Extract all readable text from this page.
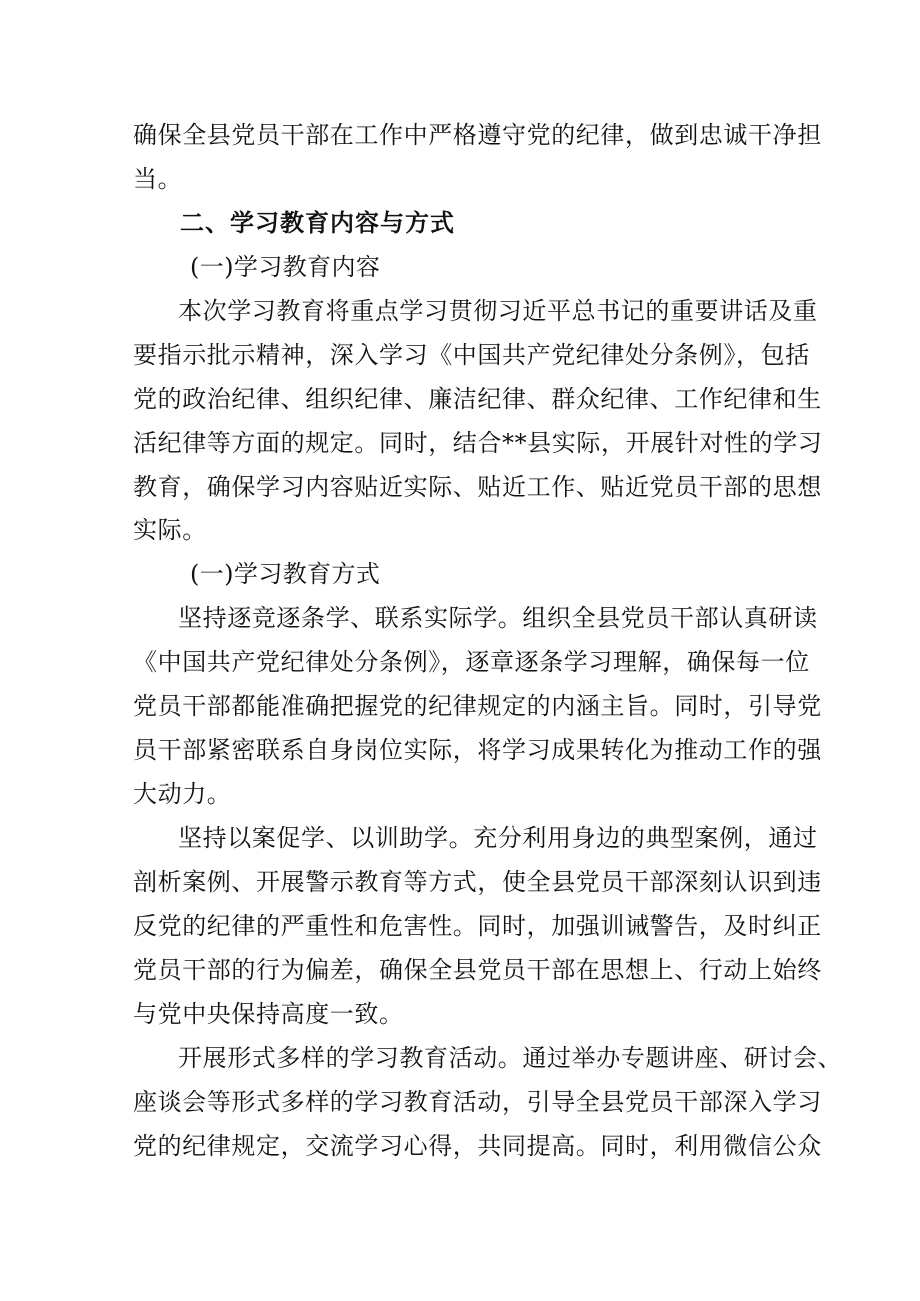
确保全县党员干部在工作中严格遵守党的纪律，做到忠诚干净担
当。
二、学习教育内容与方式
(一)学习教育内容
本次学习教育将重点学习贯彻习近平总书记的重要讲话及重
要指示批示精神，深入学习《中国共产党纪律处分条例》，包括
党的政治纪律、组织纪律、廉洁纪律、群众纪律、工作纪律和生
活纪律等方面的规定。同时，结合**县实际，开展针对性的学习
教育，确保学习内容贴近实际、贴近工作、贴近党员干部的思想
实际。
(一)学习教育方式
坚持逐竞逐条学、联系实际学。组织全县党员干部认真研读
《中国共产党纪律处分条例》，逐章逐条学习理解，确保每一位
党员干部都能准确把握党的纪律规定的内涵主旨。同时，引导党
员干部紧密联系自身岗位实际，将学习成果转化为推动工作的强
大动力。
坚持以案促学、以训助学。充分利用身边的典型案例，通过
剖析案例、开展警示教育等方式，使全县党员干部深刻认识到违
反党的纪律的严重性和危害性。同时，加强训诫警告，及时纠正
党员干部的行为偏差，确保全县党员干部在思想上、行动上始终
与党中央保持高度一致。
开展形式多样的学习教育活动。通过举办专题讲座、研讨会、
座谈会等形式多样的学习教育活动，引导全县党员干部深入学习
党的纪律规定，交流学习心得，共同提高。同时，利用微信公众
